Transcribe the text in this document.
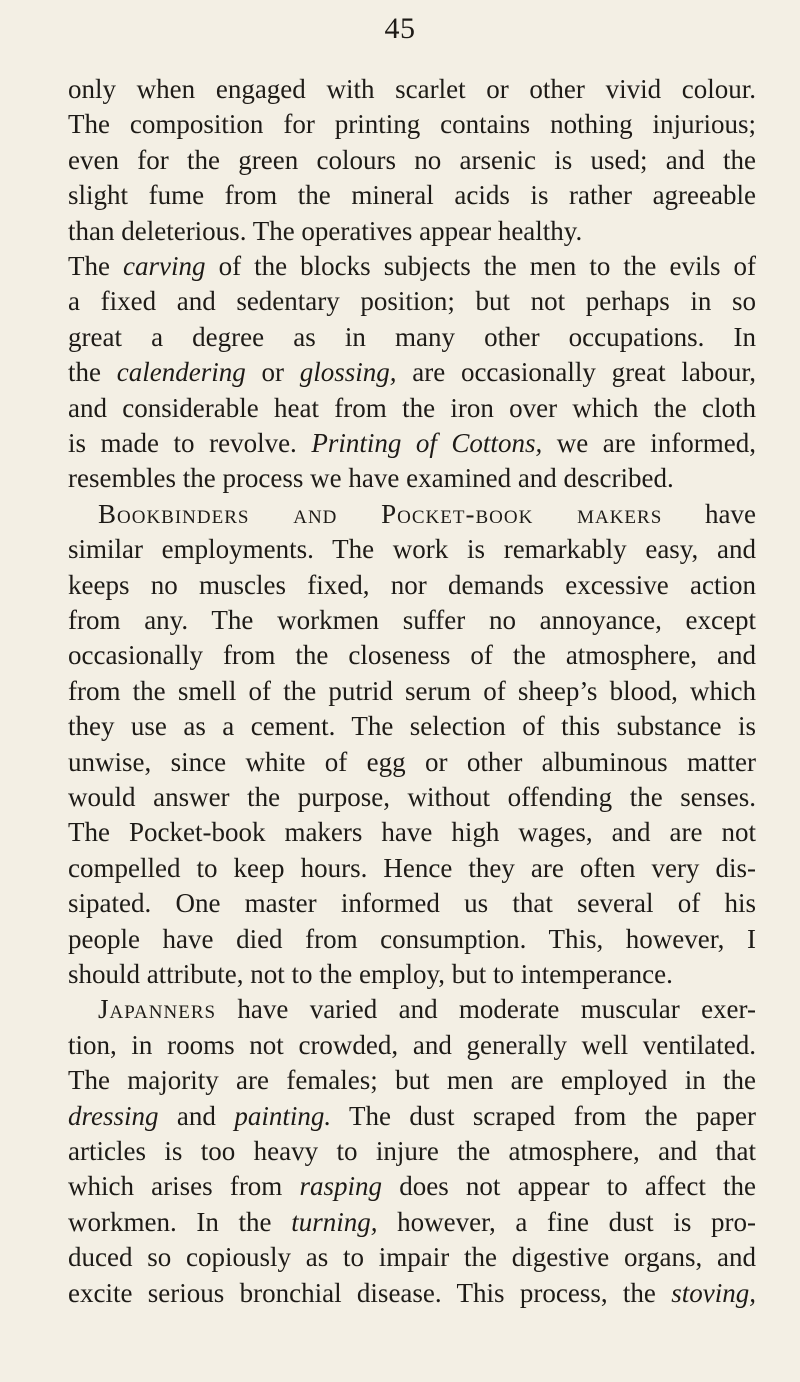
45
only when engaged with scarlet or other vivid colour.
The composition for printing contains nothing injurious;
even for the green colours no arsenic is used; and the
slight fume from the mineral acids is rather agreeable
than deleterious. The operatives appear healthy.
The carving of the blocks subjects the men to the evils of
a fixed and sedentary position; but not perhaps in so
great a degree as in many other occupations. In
the calendering or glossing, are occasionally great labour,
and considerable heat from the iron over which the cloth
is made to revolve. Printing of Cottons, we are informed,
resembles the process we have examined and described.
Bookbinders and Pocket-book makers have
similar employments. The work is remarkably easy, and
keeps no muscles fixed, nor demands excessive action
from any. The workmen suffer no annoyance, except
occasionally from the closeness of the atmosphere, and
from the smell of the putrid serum of sheep’s blood, which
they use as a cement. The selection of this substance is
unwise, since white of egg or other albuminous matter
would answer the purpose, without offending the senses.
The Pocket-book makers have high wages, and are not
compelled to keep hours. Hence they are often very dis-
sipated. One master informed us that several of his
people have died from consumption. This, however, I
should attribute, not to the employ, but to intemperance.
Japanners have varied and moderate muscular exer-
tion, in rooms not crowded, and generally well ventilated.
The majority are females; but men are employed in the
dressing and painting. The dust scraped from the paper
articles is too heavy to injure the atmosphere, and that
which arises from rasping does not appear to affect the
workmen. In the turning, however, a fine dust is pro-
duced so copiously as to impair the digestive organs, and
excite serious bronchial disease. This process, the stoving,
